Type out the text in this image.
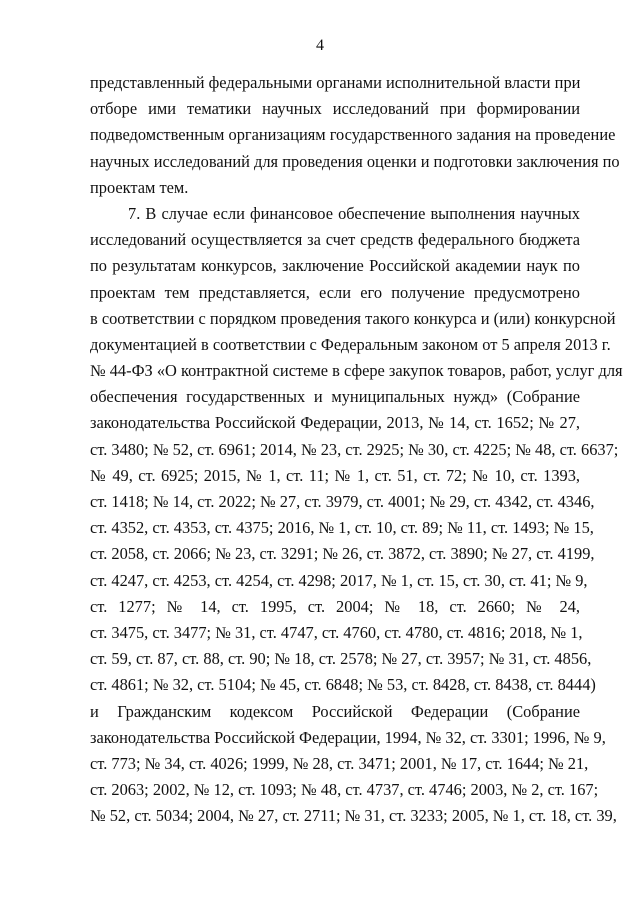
4
представленный федеральными органами исполнительной власти при
отборе ими тематики научных исследований при формировании
подведомственным организациям государственного задания на проведение
научных исследований для проведения оценки и подготовки заключения по
проектам тем.
7. В случае если финансовое обеспечение выполнения научных
исследований осуществляется за счет средств федерального бюджета
по результатам конкурсов, заключение Российской академии наук по
проектам тем представляется, если его получение предусмотрено
в соответствии с порядком проведения такого конкурса и (или) конкурсной
документацией в соответствии с Федеральным законом от 5 апреля 2013 г.
№ 44-ФЗ «О контрактной системе в сфере закупок товаров, работ, услуг для
обеспечения государственных и муниципальных нужд» (Собрание
законодательства Российской Федерации, 2013, № 14, ст. 1652; № 27,
ст. 3480; № 52, ст. 6961; 2014, № 23, ст. 2925; № 30, ст. 4225; № 48, ст. 6637;
№ 49, ст. 6925; 2015, № 1, ст. 11; № 1, ст. 51, ст. 72; № 10, ст. 1393,
ст. 1418; № 14, ст. 2022; № 27, ст. 3979, ст. 4001; № 29, ст. 4342, ст. 4346,
ст. 4352, ст. 4353, ст. 4375; 2016, № 1, ст. 10, ст. 89; № 11, ст. 1493; № 15,
ст. 2058, ст. 2066; № 23, ст. 3291; № 26, ст. 3872, ст. 3890; № 27, ст. 4199,
ст. 4247, ст. 4253, ст. 4254, ст. 4298; 2017, № 1, ст. 15, ст. 30, ст. 41; № 9,
ст. 1277; № 14, ст. 1995, ст. 2004; № 18, ст. 2660; № 24,
ст. 3475, ст. 3477; № 31, ст. 4747, ст. 4760, ст. 4780, ст. 4816; 2018, № 1,
ст. 59, ст. 87, ст. 88, ст. 90; № 18, ст. 2578; № 27, ст. 3957; № 31, ст. 4856,
ст. 4861; № 32, ст. 5104; № 45, ст. 6848; № 53, ст. 8428, ст. 8438, ст. 8444)
и Гражданским кодексом Российской Федерации (Собрание
законодательства Российской Федерации, 1994, № 32, ст. 3301; 1996, № 9,
ст. 773; № 34, ст. 4026; 1999, № 28, ст. 3471; 2001, № 17, ст. 1644; № 21,
ст. 2063; 2002, № 12, ст. 1093; № 48, ст. 4737, ст. 4746; 2003, № 2, ст. 167;
№ 52, ст. 5034; 2004, № 27, ст. 2711; № 31, ст. 3233; 2005, № 1, ст. 18, ст. 39,
